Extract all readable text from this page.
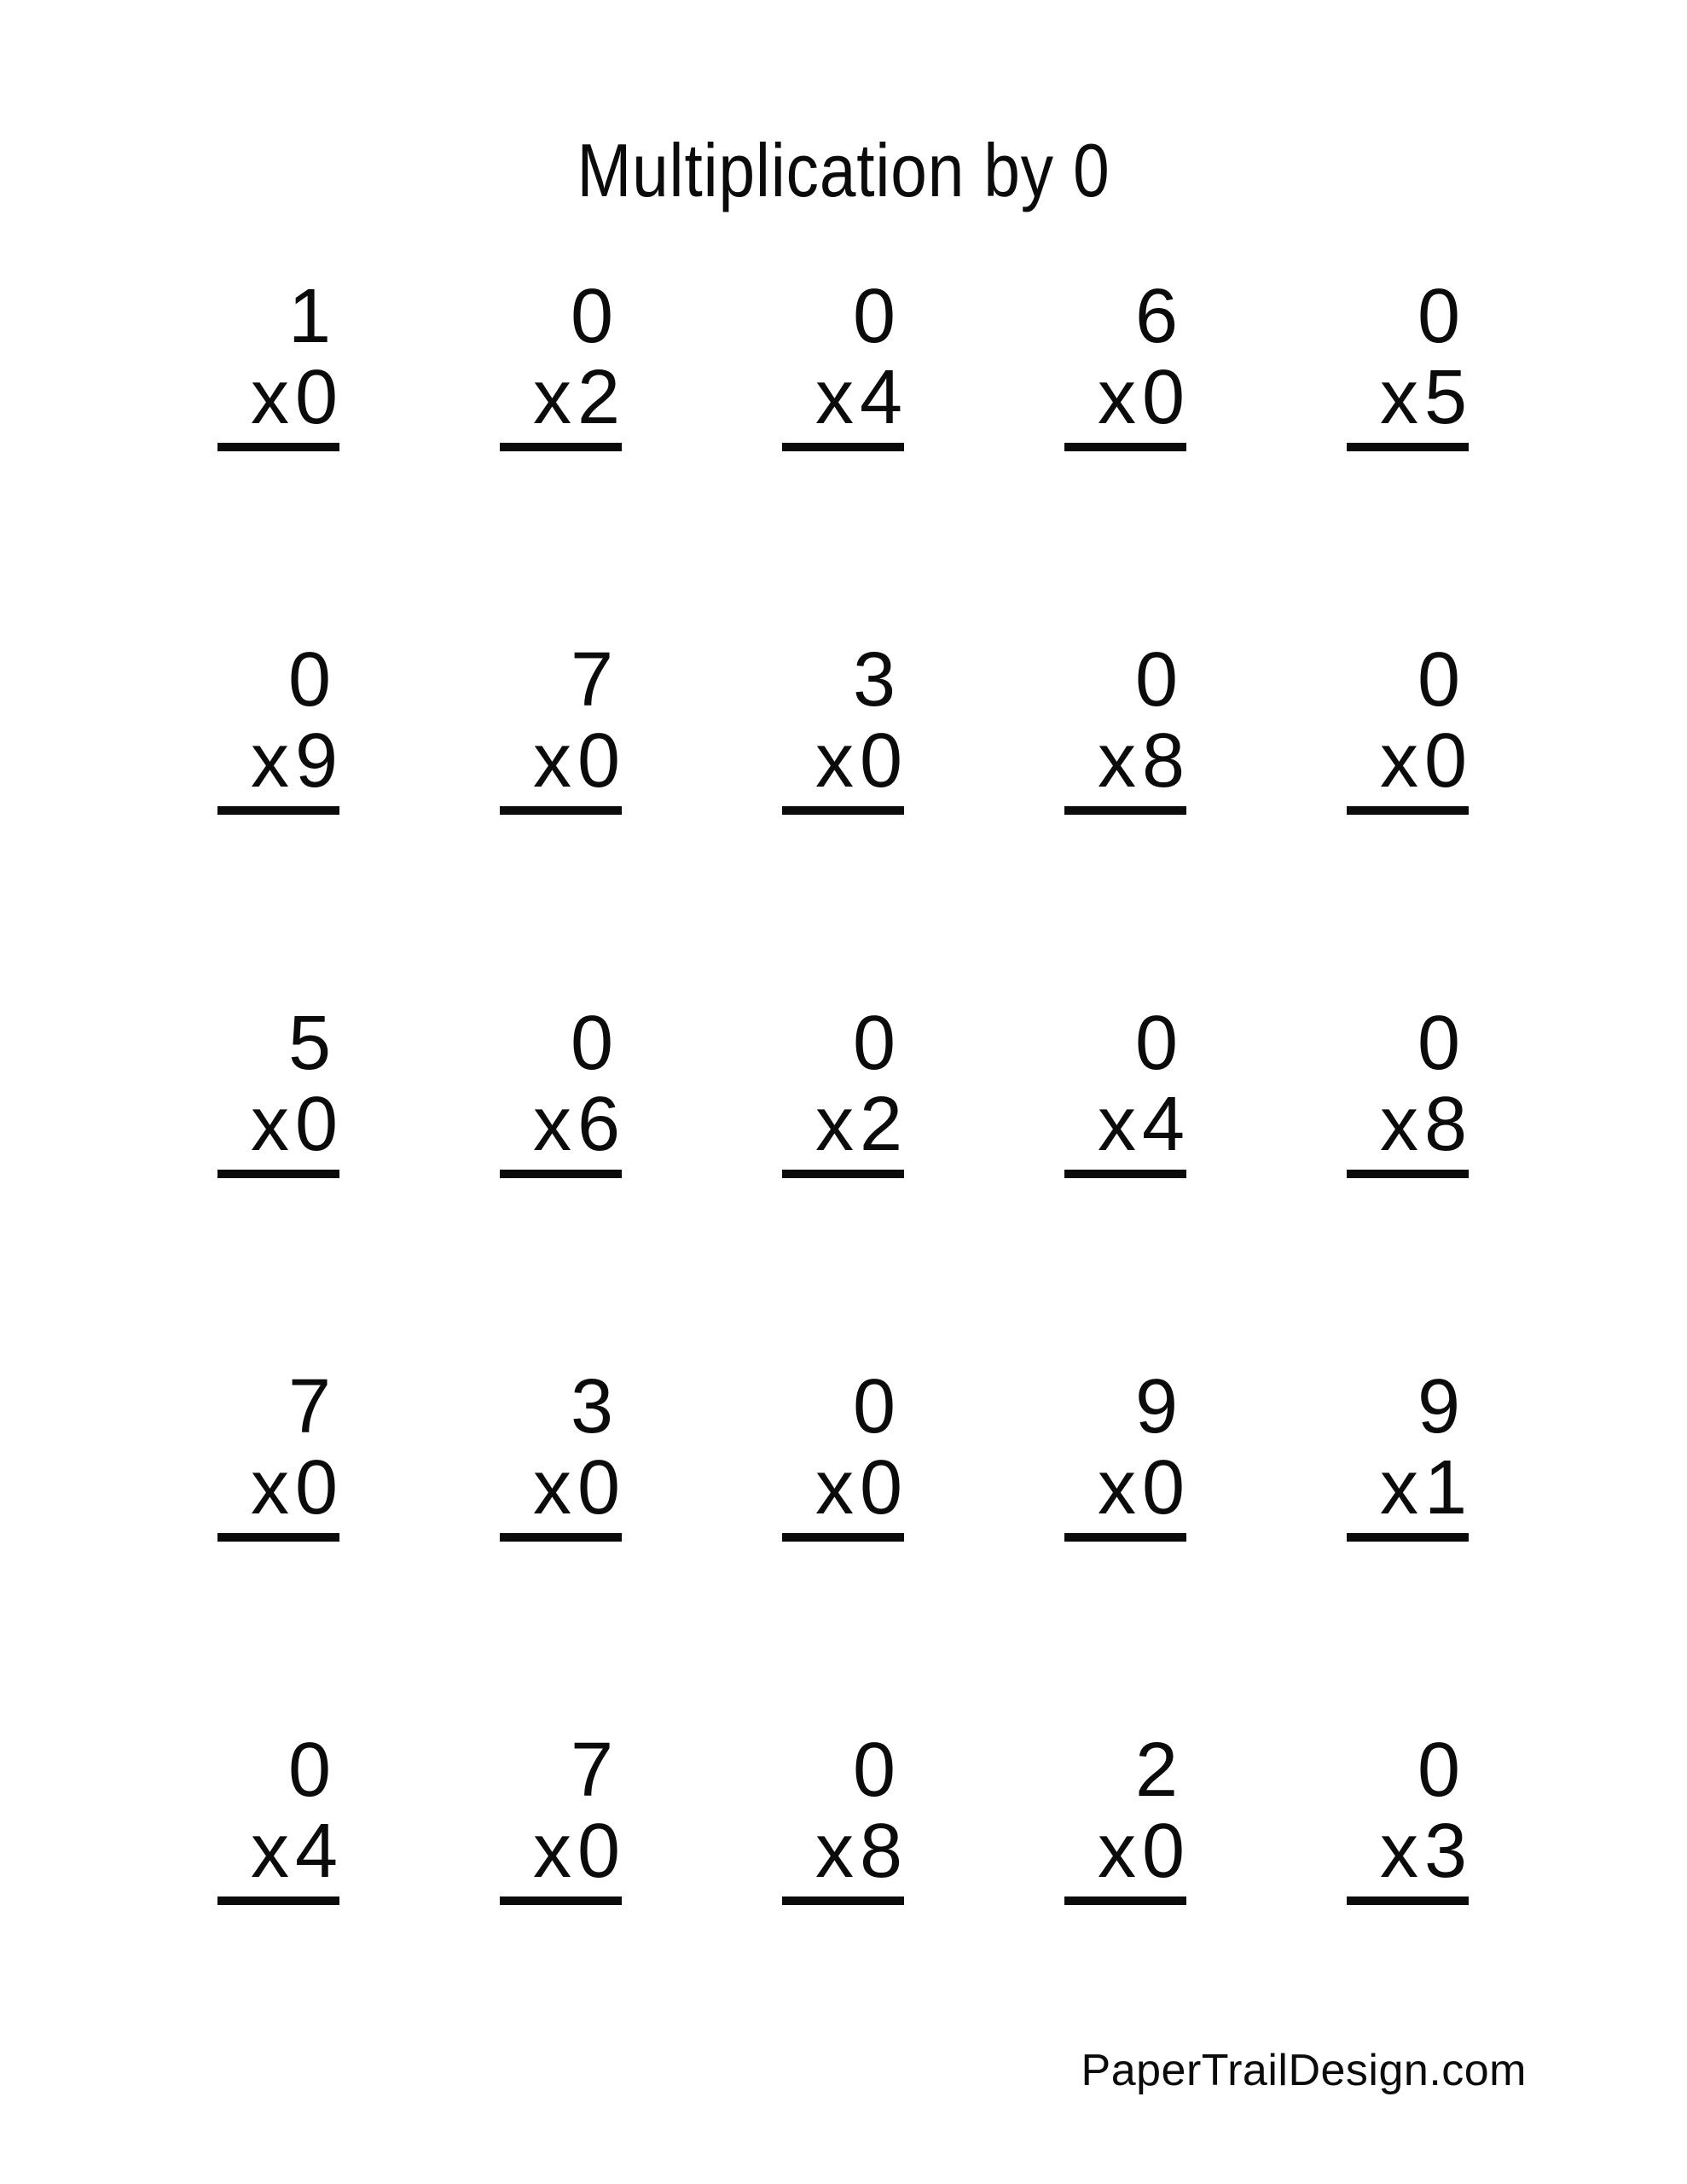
Multiplication by 0
1
x0
0
x2
0
x4
6
x0
0
x5
0
x9
7
x0
3
x0
0
x8
0
x0
5
x0
0
x6
0
x2
0
x4
0
x8
7
x0
3
x0
0
x0
9
x0
9
x1
0
x4
7
x0
0
x8
2
x0
0
x3
PaperTrailDesign.com
